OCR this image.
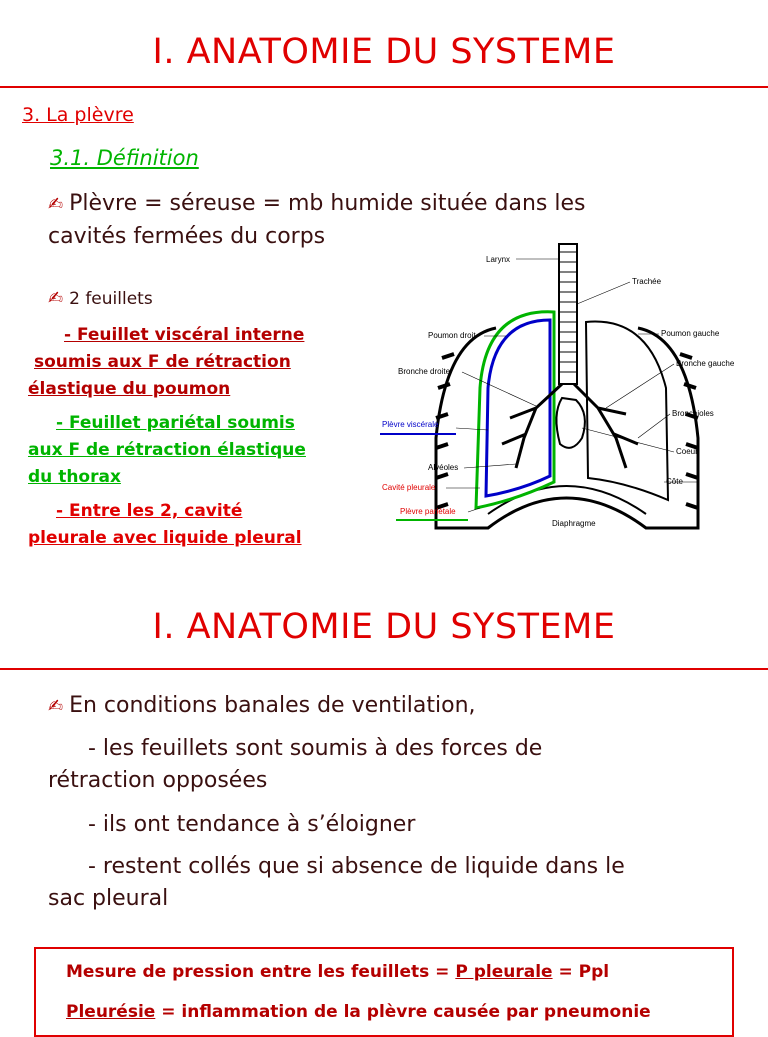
I. ANATOMIE DU SYSTEME
3. La plèvre
3.1. Définition
✍ Plèvre = séreuse = mb humide située dans les
cavités fermées du corps
✍ 2 feuillets
- Feuillet viscéral interne
soumis aux F de rétraction
élastique du poumon
- Feuillet pariétal soumis
aux F de rétraction élastique
du thorax
- Entre les 2, cavité
pleurale avec liquide pleural
Larynx
Trachée
Poumon droit	Poumon gauche
Bronche droite
Bronche gauche
Bronchioles
Plèvre viscérale
Coeur
Alvéoles
Côte
Cavité pleurale
Plèvre pariétale
Diaphragme
I. ANATOMIE DU SYSTEME
✍ En conditions banales de ventilation,
- les feuillets sont soumis à des forces de
rétraction opposées
- ils ont tendance à s’éloigner
- restent collés que si absence de liquide dans le
sac pleural
Mesure de pression entre les feuillets = P pleurale = Ppl
Pleurésie = inflammation de la plèvre causée par pneumonie
